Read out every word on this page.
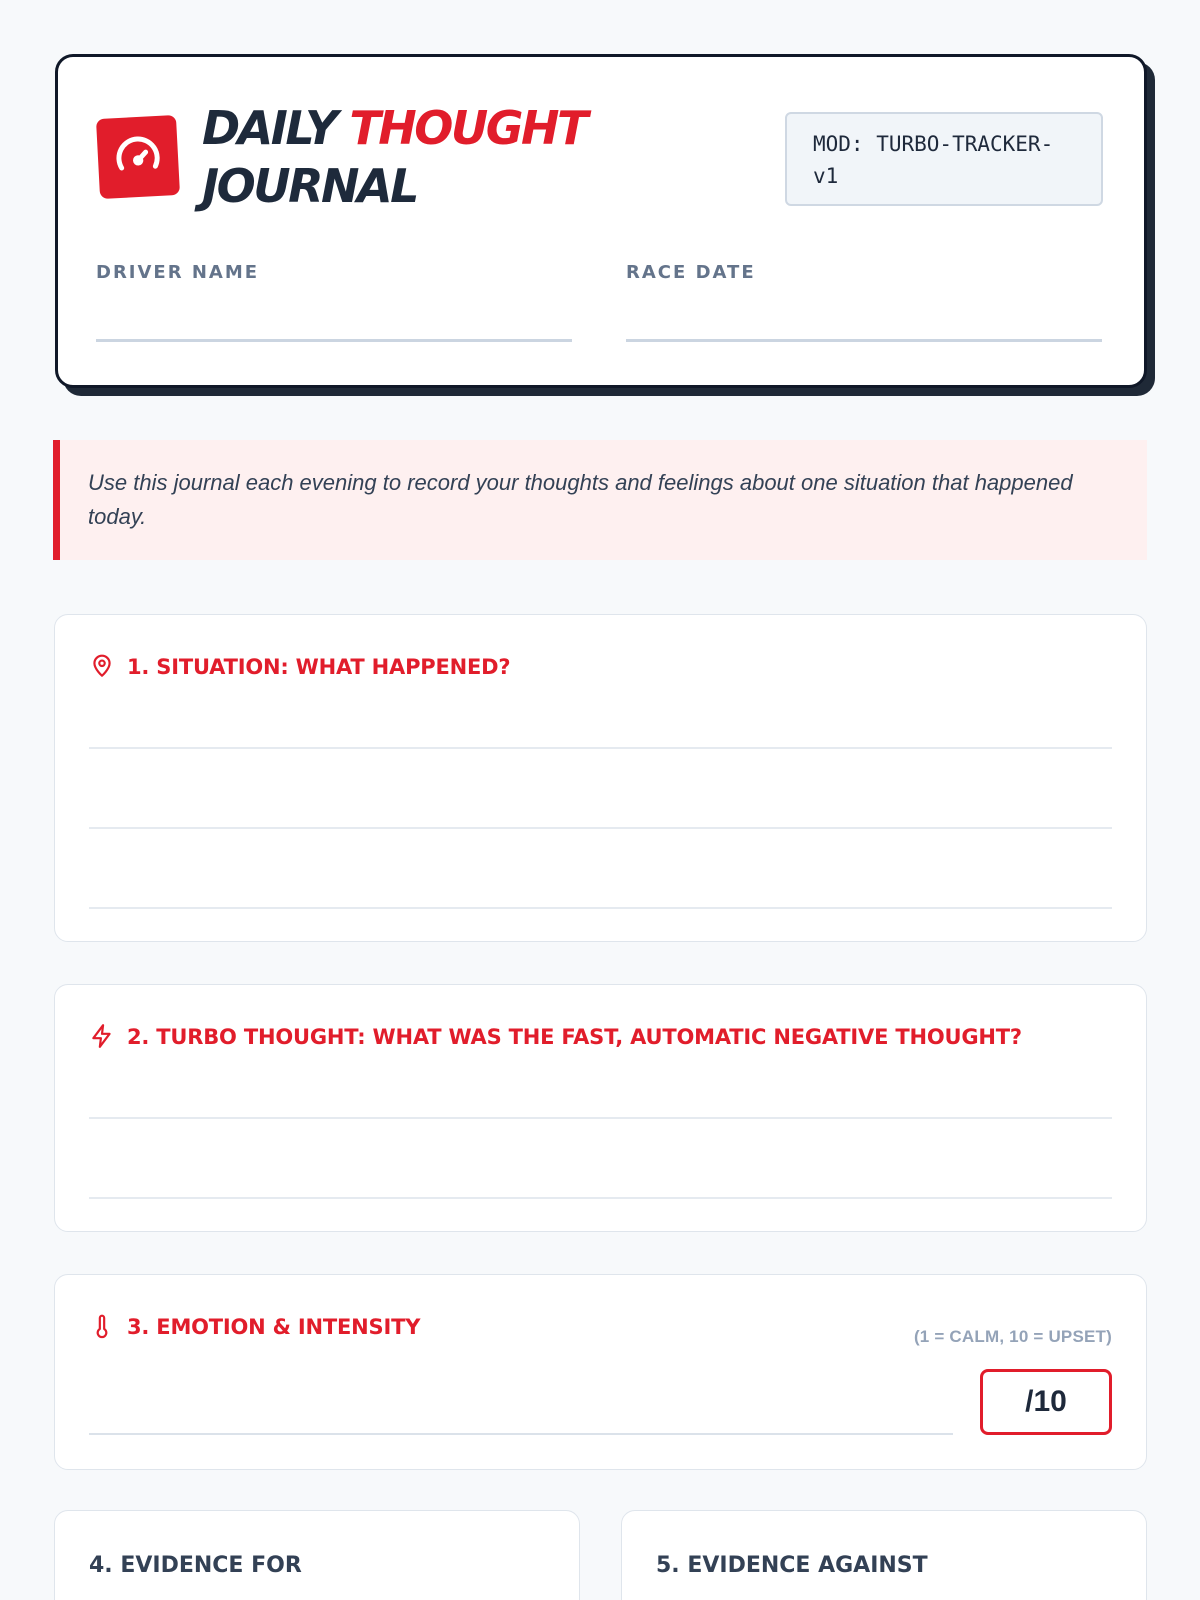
DAILY THOUGHT
JOURNAL
MOD: TURBO-TRACKER-v1
DRIVER NAME	RACE DATE
Use this journal each evening to record your thoughts and feelings about one situation that happened today.
1. SITUATION: WHAT HAPPENED?
2. TURBO THOUGHT: WHAT WAS THE FAST, AUTOMATIC NEGATIVE THOUGHT?
3. EMOTION & INTENSITY	(1 = CALM, 10 = UPSET)
/10
4. EVIDENCE FOR	5. EVIDENCE AGAINST
